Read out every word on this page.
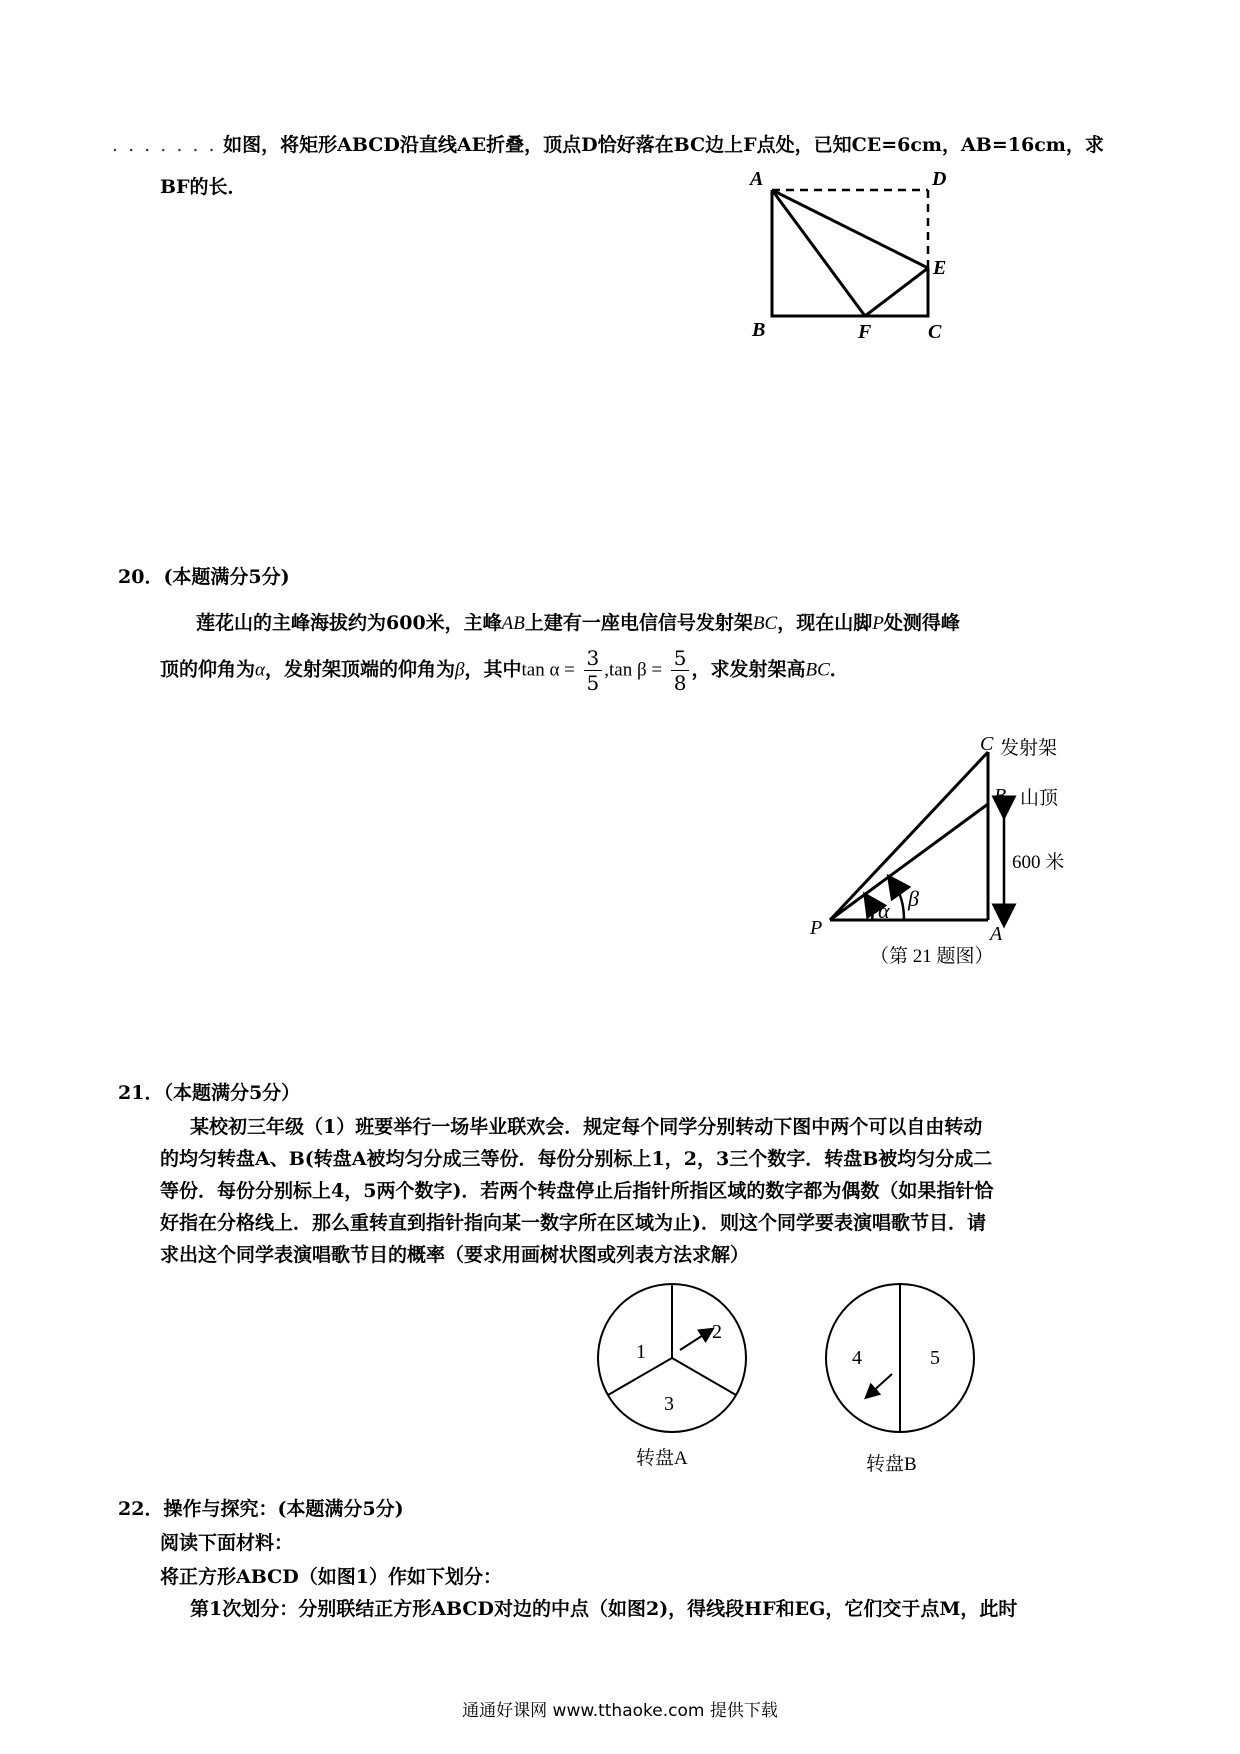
. . . . . . . 如图，将矩形ABCD沿直线AE折叠，顶点D恰好落在BC边上F点处，已知CE=6cm，AB=16cm，求
BF的长．	A	D
E
B	F	C
20．(本题满分5分)
莲花山的主峰海拔约为600米，主峰AB上建有一座电信信号发射架BC，现在山脚P处测得峰
顶的仰角为α，发射架顶端的仰角为β，其中$\tan \alpha = \frac{3}{5} ,\tan$ $\beta = \frac{5}{8}$ ，求发射架高BC．
C 发射架
B 山顶
600 米
P	A
α β
（第 21 题图）
21．（本题满分5分）
某校初三年级（1）班要举行一场毕业联欢会．规定每个同学分别转动下图中两个可以自由转动
的均匀转盘A、B(转盘A被均匀分成三等份．每份分别标上1，2，3三个数字．转盘B被均匀分成二
等份．每份分别标上4，5两个数字)．若两个转盘停止后指针所指区域的数字都为偶数（如果指针恰
好指在分格线上．那么重转直到指针指向某一数字所在区域为止)．则这个同学要表演唱歌节目．请
求出这个同学表演唱歌节目的概率（要求用画树状图或列表方法求解）
1
2
3
转盘A
4	5
转盘B
22．操作与探究：(本题满分5分)
阅读下面材料：
将正方形ABCD（如图1）作如下划分：
第1次划分：分别联结正方形ABCD对边的中点（如图2)，得线段HF和EG，它们交于点M，此时
通通好课网 www.tthaoke.com 提供下载
